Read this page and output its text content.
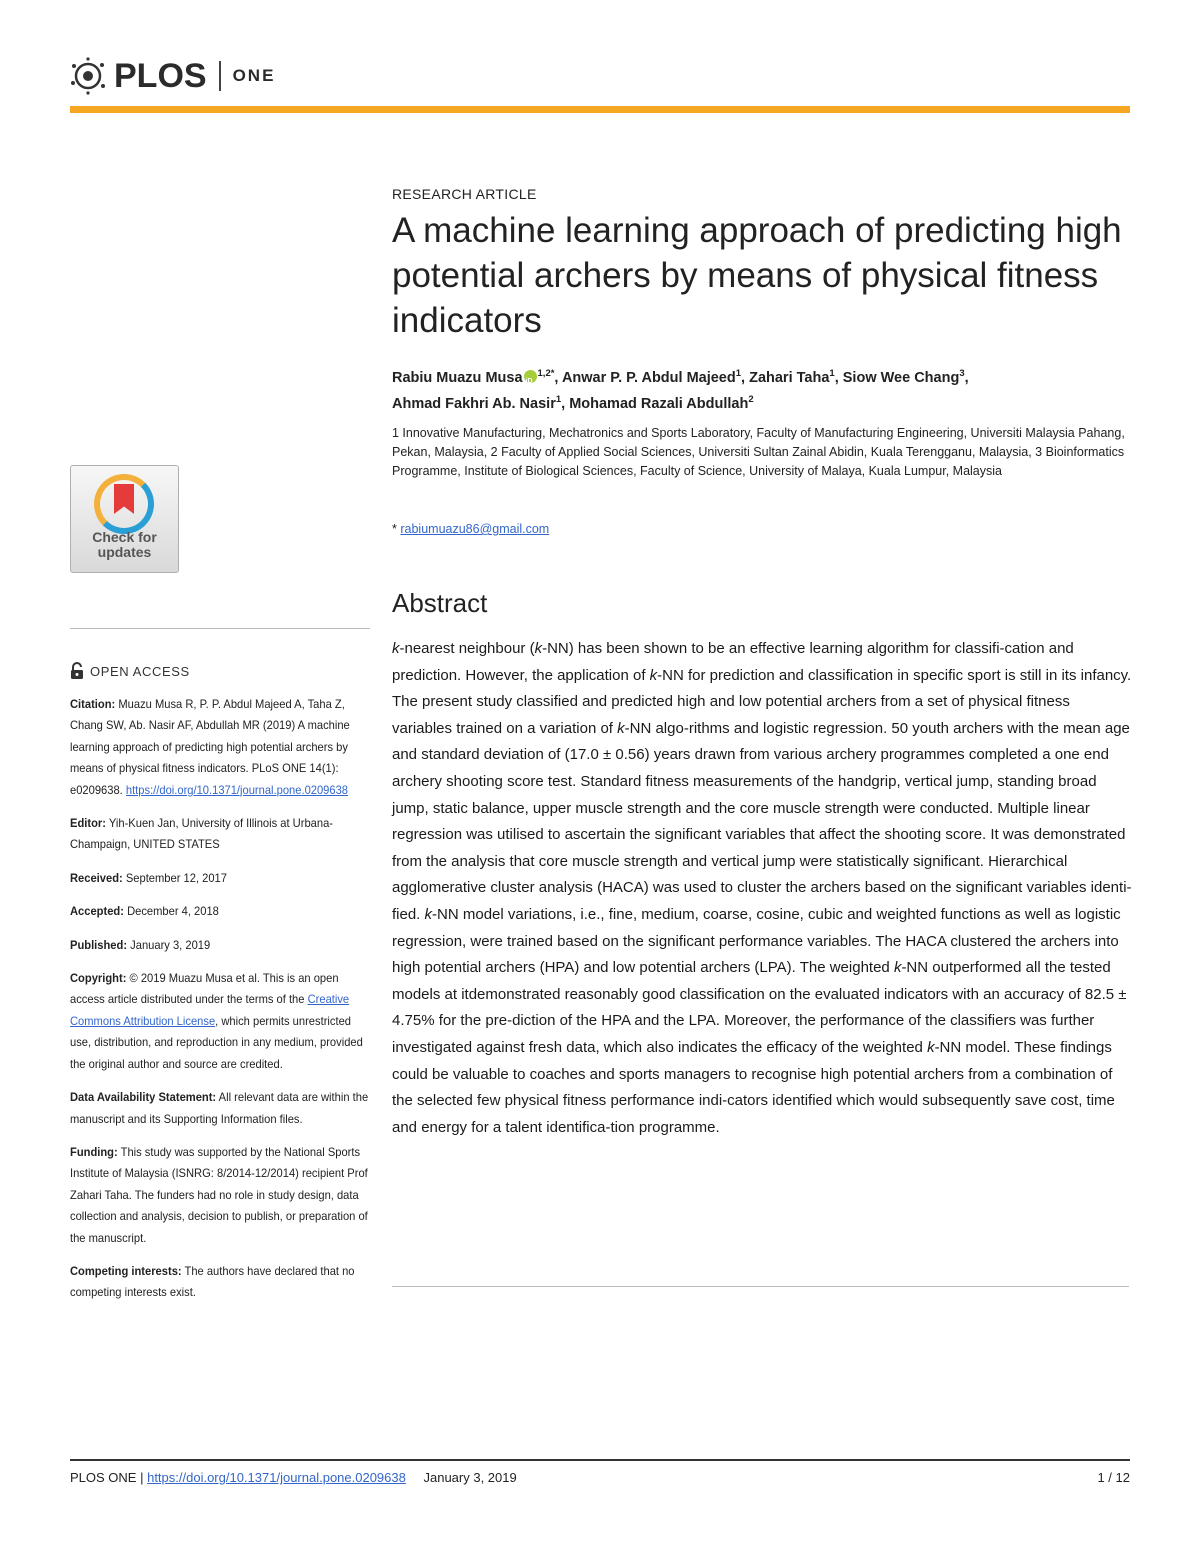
PLOS ONE
RESEARCH ARTICLE
A machine learning approach of predicting high potential archers by means of physical fitness indicators
Rabiu Muazu MusaiD $^{1,2*}$, Anwar P. P. Abdul Majeed$^1$, Zahari Taha$^1$, Siow Wee Chang$^3$,
Ahmad Fakhri Ab. Nasir$^1$, Mohamad Razali Abdullah$^2$
1 Innovative Manufacturing, Mechatronics and Sports Laboratory, Faculty of Manufacturing Engineering, Universiti Malaysia Pahang, Pekan, Malaysia, 2 Faculty of Applied Social Sciences, Universiti Sultan Zainal Abidin, Kuala Terengganu, Malaysia, 3 Bioinformatics Programme, Institute of Biological Sciences, Faculty of Science, University of Malaya, Kuala Lumpur, Malaysia
* rabiumuazu86@gmail.com
Abstract
k-nearest neighbour (k-NN) has been shown to be an effective learning algorithm for classifi-cation and prediction. However, the application of k-NN for prediction and classification in specific sport is still in its infancy. The present study classified and predicted high and low potential archers from a set of physical fitness variables trained on a variation of k-NN algo-rithms and logistic regression. 50 youth archers with the mean age and standard deviation of (17.0 ± 0.56) years drawn from various archery programmes completed a one end archery shooting score test. Standard fitness measurements of the handgrip, vertical jump, standing broad jump, static balance, upper muscle strength and the core muscle strength were conducted. Multiple linear regression was utilised to ascertain the significant variables that affect the shooting score. It was demonstrated from the analysis that core muscle strength and vertical jump were statistically significant. Hierarchical agglomerative cluster analysis (HACA) was used to cluster the archers based on the significant variables identi-fied. k-NN model variations, i.e., fine, medium, coarse, cosine, cubic and weighted functions as well as logistic regression, were trained based on the significant performance variables. The HACA clustered the archers into high potential archers (HPA) and low potential archers (LPA). The weighted k-NN outperformed all the tested models at itdemonstrated reasonably good classification on the evaluated indicators with an accuracy of 82.5 ± 4.75% for the pre-diction of the HPA and the LPA. Moreover, the performance of the classifiers was further investigated against fresh data, which also indicates the efficacy of the weighted k-NN model. These findings could be valuable to coaches and sports managers to recognise high potential archers from a combination of the selected few physical fitness performance indi-cators identified which would subsequently save cost, time and energy for a talent identifica-tion programme.
Check for updates
OPEN ACCESS

Citation: Muazu Musa R, P. P. Abdul Majeed A, Taha Z, Chang SW, Ab. Nasir AF, Abdullah MR (2019) A machine learning approach of predicting high potential archers by means of physical fitness indicators. PLoS ONE 14(1): e0209638. https://doi.org/10.1371/journal.pone.0209638

Editor: Yih-Kuen Jan, University of Illinois at Urbana-Champaign, UNITED STATES

Received: September 12, 2017

Accepted: December 4, 2018

Published: January 3, 2019

Copyright: © 2019 Muazu Musa et al. This is an open access article distributed under the terms of the Creative Commons Attribution License, which permits unrestricted use, distribution, and reproduction in any medium, provided the original author and source are credited.

Data Availability Statement: All relevant data are within the manuscript and its Supporting Information files.

Funding: This study was supported by the National Sports Institute of Malaysia (ISNRG: 8/2014-12/2014) recipient Prof Zahari Taha. The funders had no role in study design, data collection and analysis, decision to publish, or preparation of the manuscript.

Competing interests: The authors have declared that no competing interests exist.

PLOS ONE | https://doi.org/10.1371/journal.pone.0209638 January 3, 2019	1 / 12
